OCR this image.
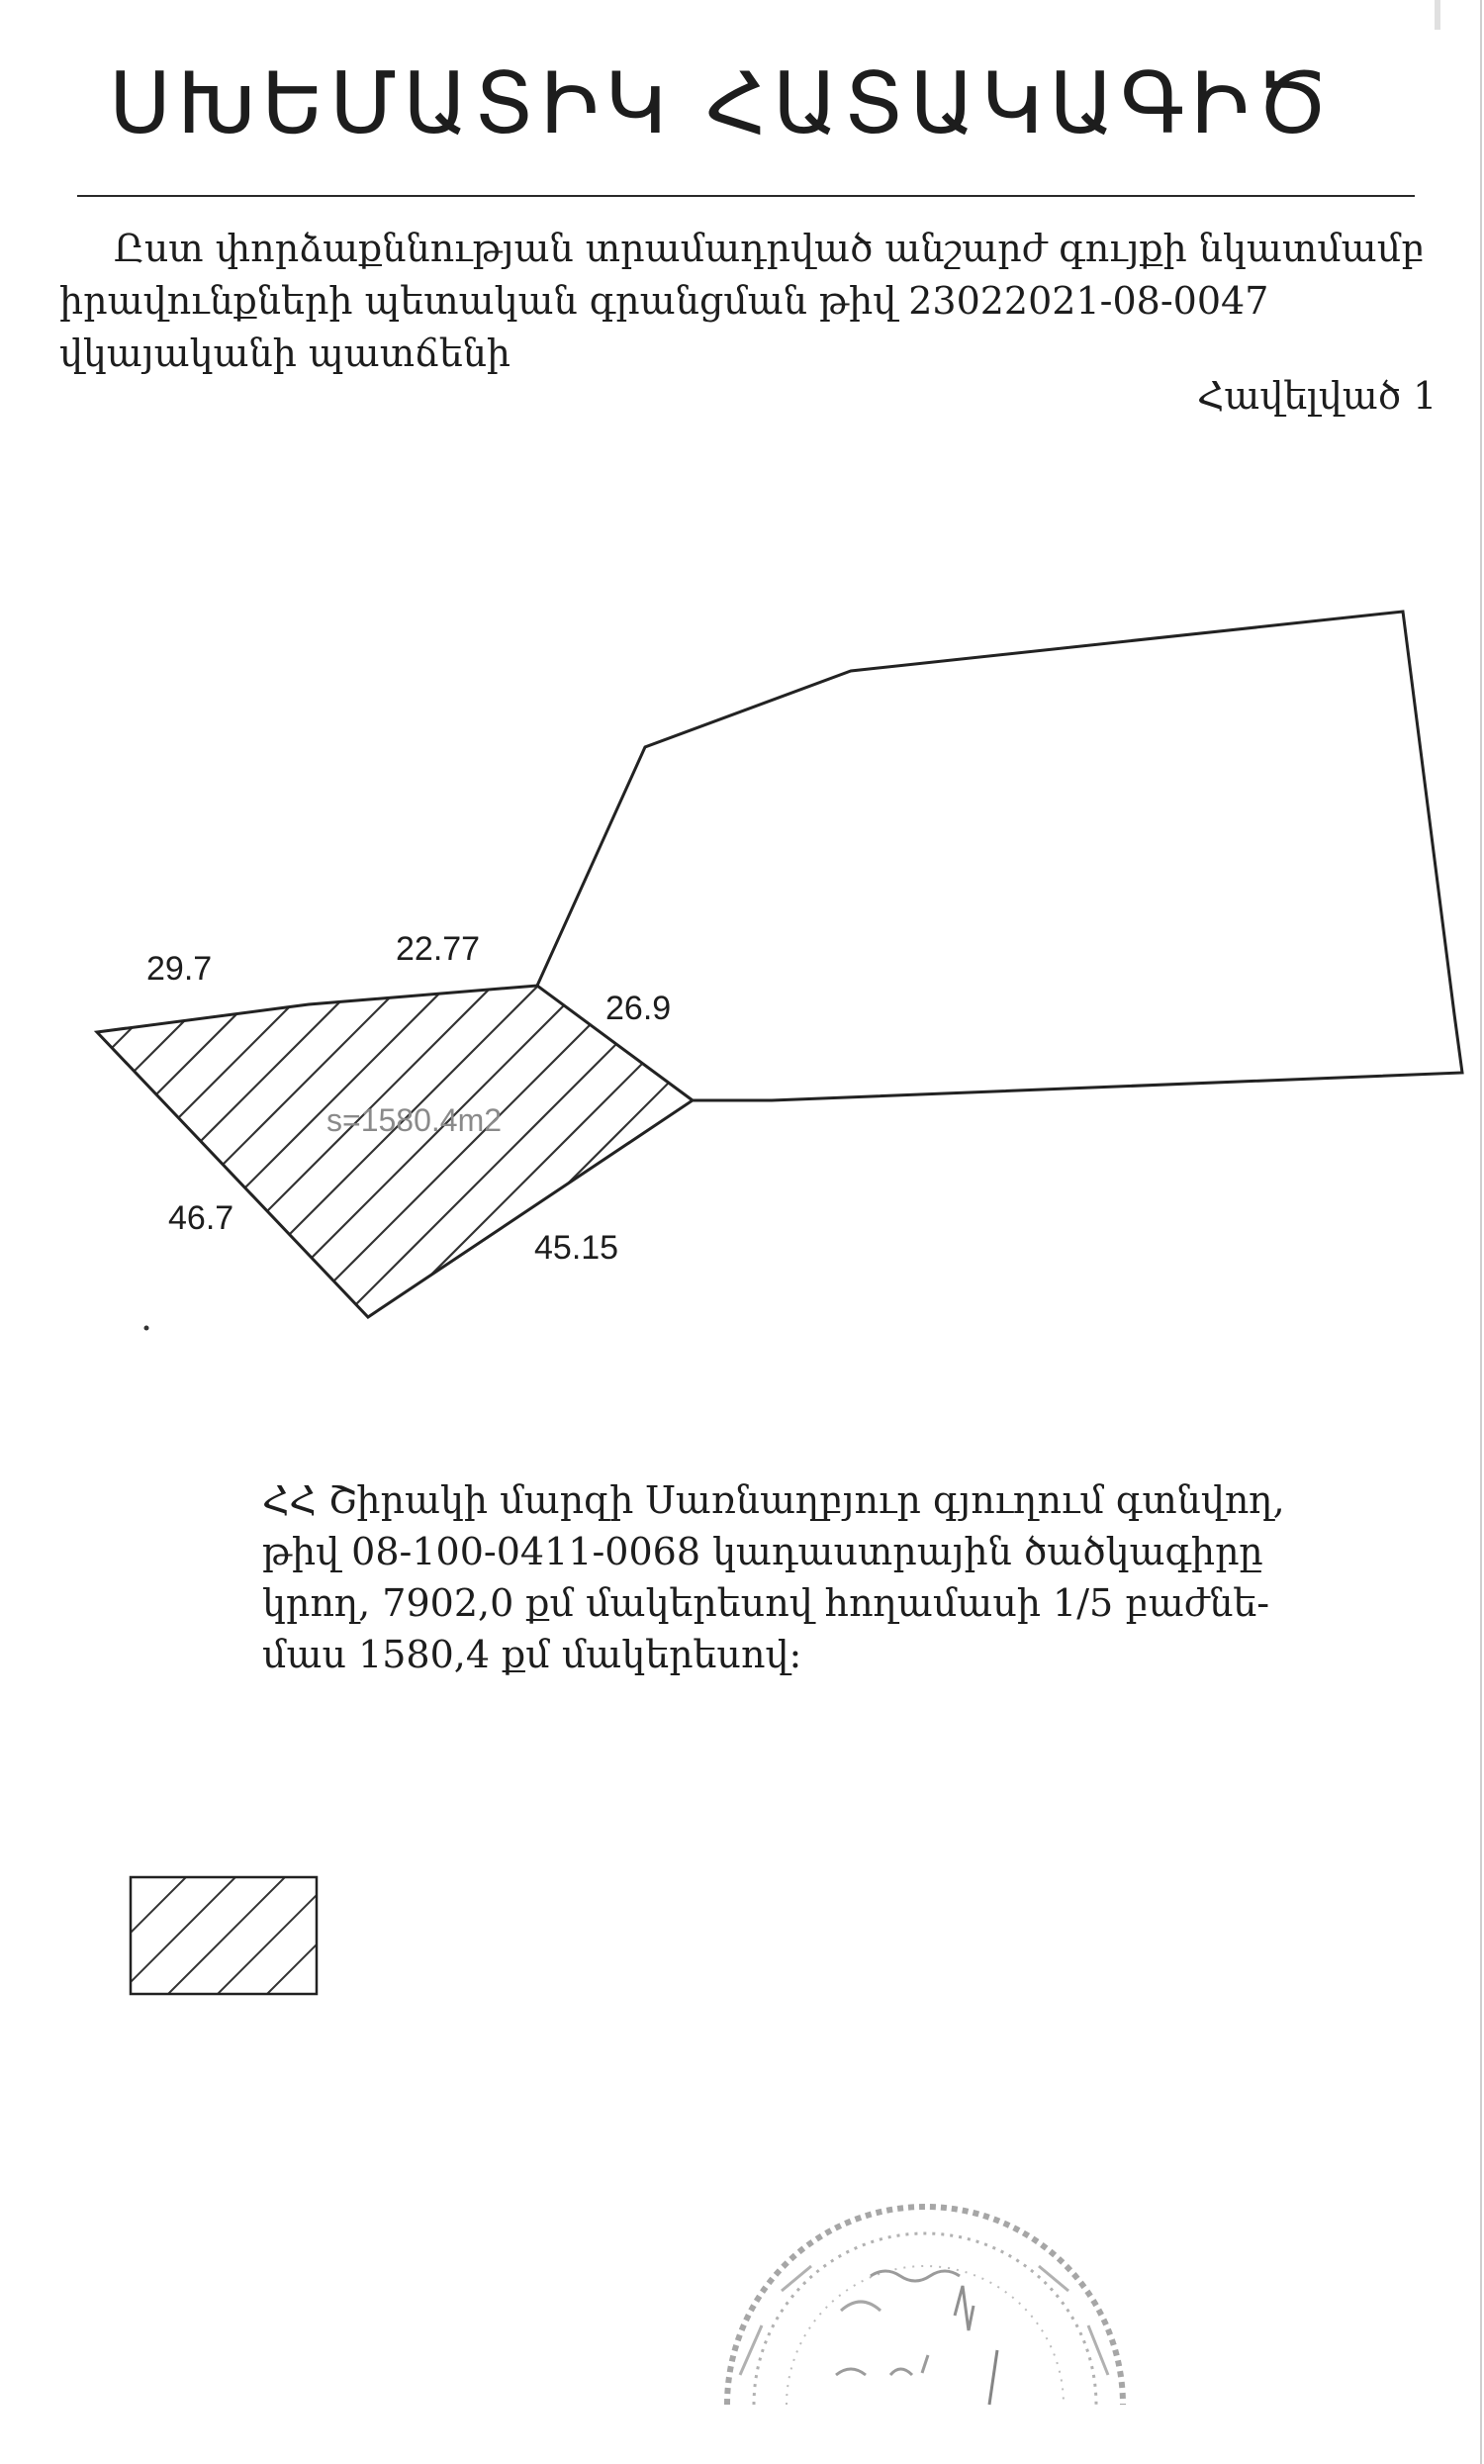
ՍԽԵՄԱՏԻԿ ՀԱՏԱԿԱԳԻԾ
Ըստ փորձաքննության տրամադրված անշարժ գույքի նկատմամբ
իրավունքների պետական գրանցման թիվ 23022021-08-0047
վկայականի պատճենի
Հավելված 1
29.7
22.77
26.9
45.15
46.7
s=1580.4m2
ՀՀ Շիրակի մարզի Սառնաղբյուր գյուղում գտնվող,
թիվ 08-100-0411-0068 կադաստրային ծածկագիրը
կրող, 7902,0 քմ մակերեսով հողամասի 1/5 բաժնե-
մաս 1580,4 քմ մակերեսով:
